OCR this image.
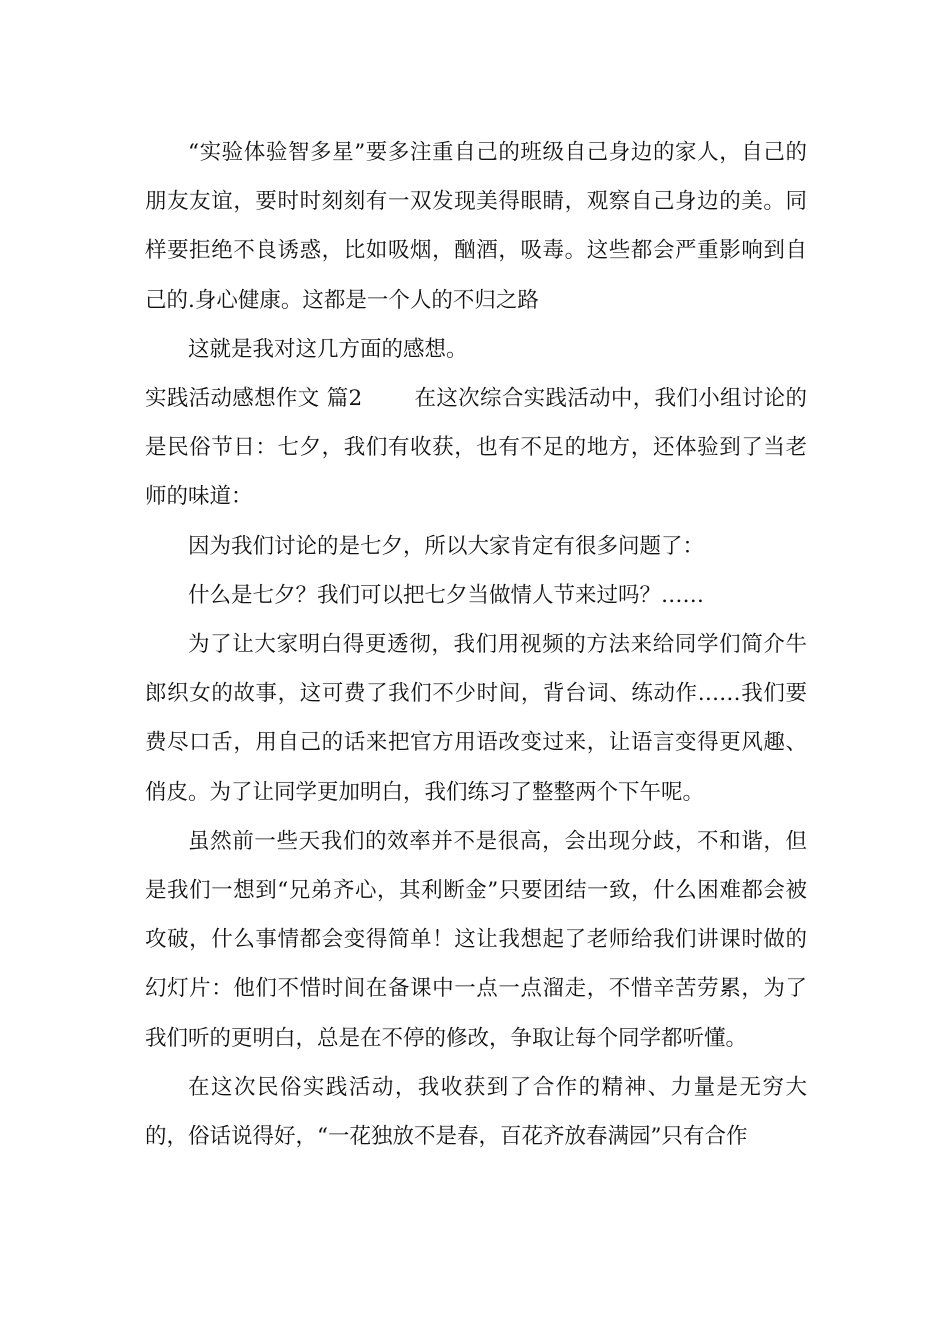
“实验体验智多星”要多注重自己的班级自己身边的家人，自己的朋友友谊，要时时刻刻有一双发现美得眼睛，观察自己身边的美。同样要拒绝不良诱惑，比如吸烟，酗酒，吸毒。这些都会严重影响到自己的.身心健康。这都是一个人的不归之路

这就是我对这几方面的感想。

实践活动感想作文 篇2 在这次综合实践活动中，我们小组讨论的是民俗节日：七夕，我们有收获，也有不足的地方，还体验到了当老师的味道：

因为我们讨论的是七夕，所以大家肯定有很多问题了：

什么是七夕？我们可以把七夕当做情人节来过吗？……

为了让大家明白得更透彻，我们用视频的方法来给同学们简介牛郎织女的故事，这可费了我们不少时间，背台词、练动作……我们要费尽口舌，用自己的话来把官方用语改变过来，让语言变得更风趣、俏皮。为了让同学更加明白，我们练习了整整两个下午呢。

虽然前一些天我们的效率并不是很高，会出现分歧，不和谐，但是我们一想到“兄弟齐心，其利断金”只要团结一致，什么困难都会被攻破，什么事情都会变得简单！这让我想起了老师给我们讲课时做的幻灯片：他们不惜时间在备课中一点一点溜走，不惜辛苦劳累，为了我们听的更明白，总是在不停的修改，争取让每个同学都听懂。

在这次民俗实践活动，我收获到了合作的精神、力量是无穷大的，俗话说得好，“一花独放不是春，百花齐放春满园”只有合作
